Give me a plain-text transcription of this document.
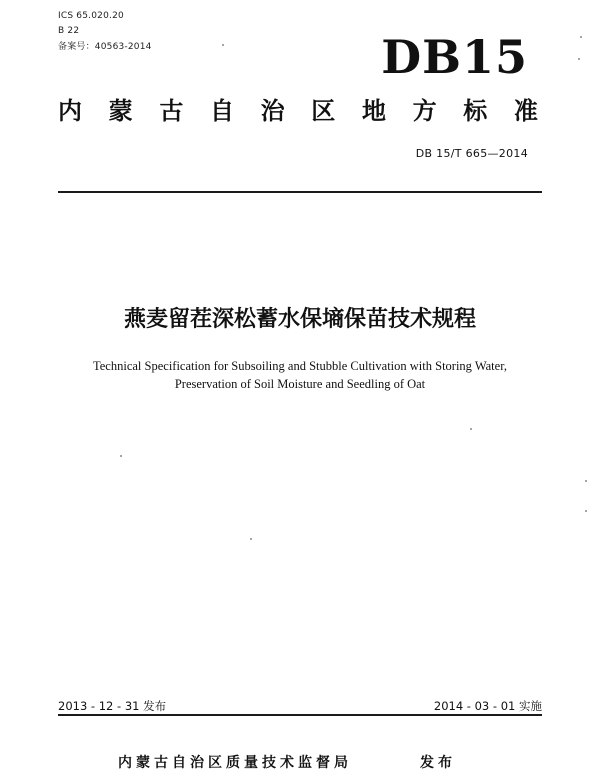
ICS 65.020.20
B 22
备案号：40563-2014	DB15
内 蒙 古 自 治 区 地 方 标 准
DB 15/T 665—2014
燕麦留茬深松蓄水保墒保苗技术规程
Technical Specification for Subsoiling and Stubble Cultivation with Storing Water,
Preservation of Soil Moisture and Seedling of Oat
2013 - 12 - 31 发布	2014 - 03 - 01 实施
内蒙古自治区质量技术监督局	发布
